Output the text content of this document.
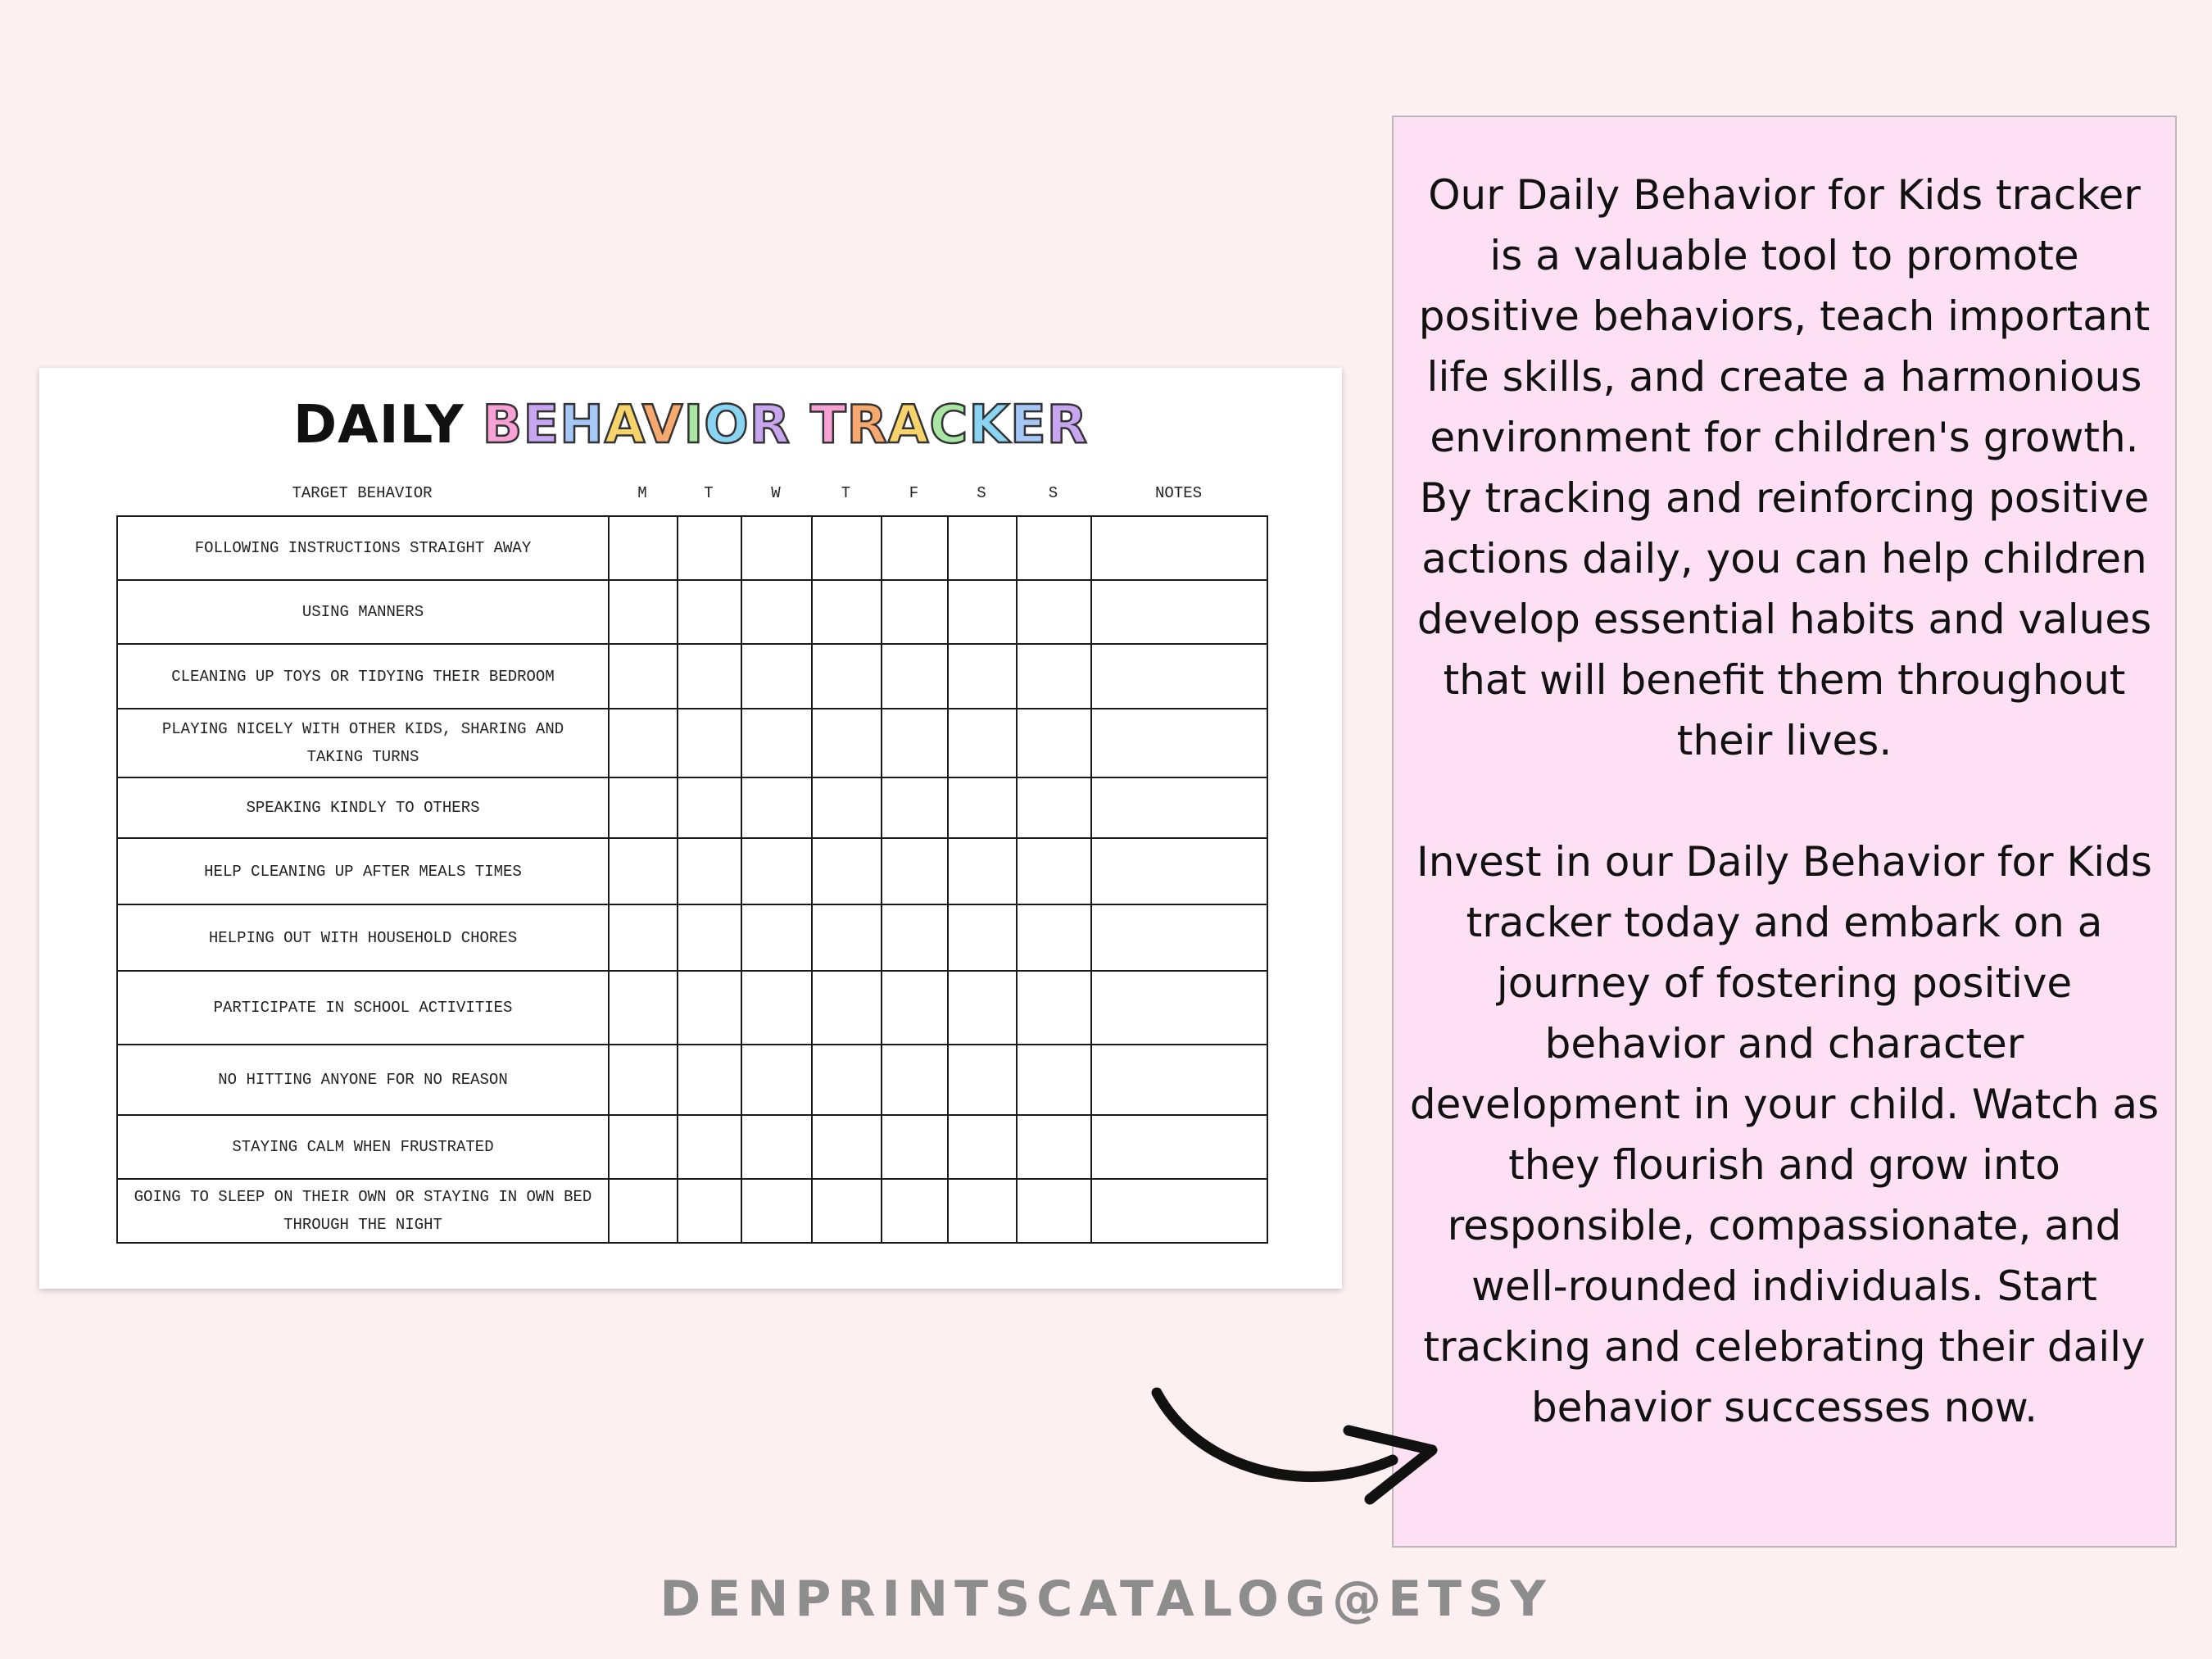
DAILY BEHAVIOR TRACKER
TARGET BEHAVIOR	M	T	W	T	F	S	S	NOTES
FOLLOWING INSTRUCTIONS STRAIGHT AWAY								
USING MANNERS								
CLEANING UP TOYS OR TIDYING THEIR BEDROOM								
PLAYING NICELY WITH OTHER KIDS, SHARING AND TAKING TURNS								
SPEAKING KINDLY TO OTHERS								
HELP CLEANING UP AFTER MEALS TIMES								
HELPING OUT WITH HOUSEHOLD CHORES								
PARTICIPATE IN SCHOOL ACTIVITIES								
NO HITTING ANYONE FOR NO REASON								
STAYING CALM WHEN FRUSTRATED								
GOING TO SLEEP ON THEIR OWN OR STAYING IN OWN BED THROUGH THE NIGHT								

Our Daily Behavior for Kids tracker is a valuable tool to promote positive behaviors, teach important life skills, and create a harmonious environment for children's growth. By tracking and reinforcing positive actions daily, you can help children develop essential habits and values that will benefit them throughout their lives.

Invest in our Daily Behavior for Kids tracker today and embark on a journey of fostering positive behavior and character development in your child. Watch as they flourish and grow into responsible, compassionate, and well-rounded individuals. Start tracking and celebrating their daily behavior successes now.

DENPRINTSCATALOG@ETSY
